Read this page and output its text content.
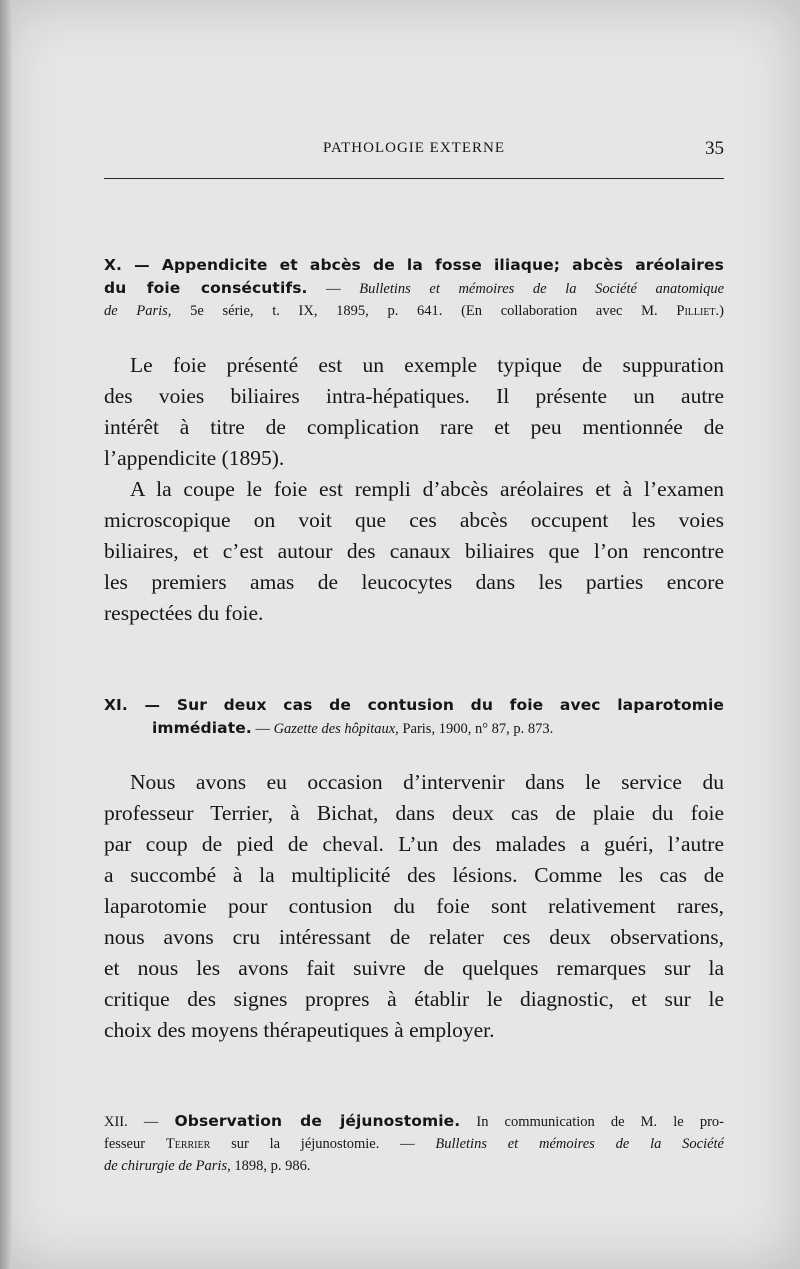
PATHOLOGIE EXTERNE	35
X. — Appendicite et abcès de la fosse iliaque; abcès aréolaires
du foie consécutifs. — Bulletins et mémoires de la Société anatomique
de Paris, 5e série, t. IX, 1895, p. 641. (En collaboration avec M. Pilliet.)

Le foie présenté est un exemple typique de suppuration
des voies biliaires intra-hépatiques. Il présente un autre
intérêt à titre de complication rare et peu mentionnée de
l’appendicite (1895).

A la coupe le foie est rempli d’abcès aréolaires et à l’examen
microscopique on voit que ces abcès occupent les voies
biliaires, et c’est autour des canaux biliaires que l’on rencontre
les premiers amas de leucocytes dans les parties encore
respectées du foie.

XI. — Sur deux cas de contusion du foie avec laparotomie
immédiate. — Gazette des hôpitaux, Paris, 1900, n° 87, p. 873.

Nous avons eu occasion d’intervenir dans le service du
professeur Terrier, à Bichat, dans deux cas de plaie du foie
par coup de pied de cheval. L’un des malades a guéri, l’autre
a succombé à la multiplicité des lésions. Comme les cas de
laparotomie pour contusion du foie sont relativement rares,
nous avons cru intéressant de relater ces deux observations,
et nous les avons fait suivre de quelques remarques sur la
critique des signes propres à établir le diagnostic, et sur le
choix des moyens thérapeutiques à employer.

XII. — Observation de jéjunostomie. In communication de M. le pro-
fesseur Terrier sur la jéjunostomie. — Bulletins et mémoires de la Société
de chirurgie de Paris, 1898, p. 986.
